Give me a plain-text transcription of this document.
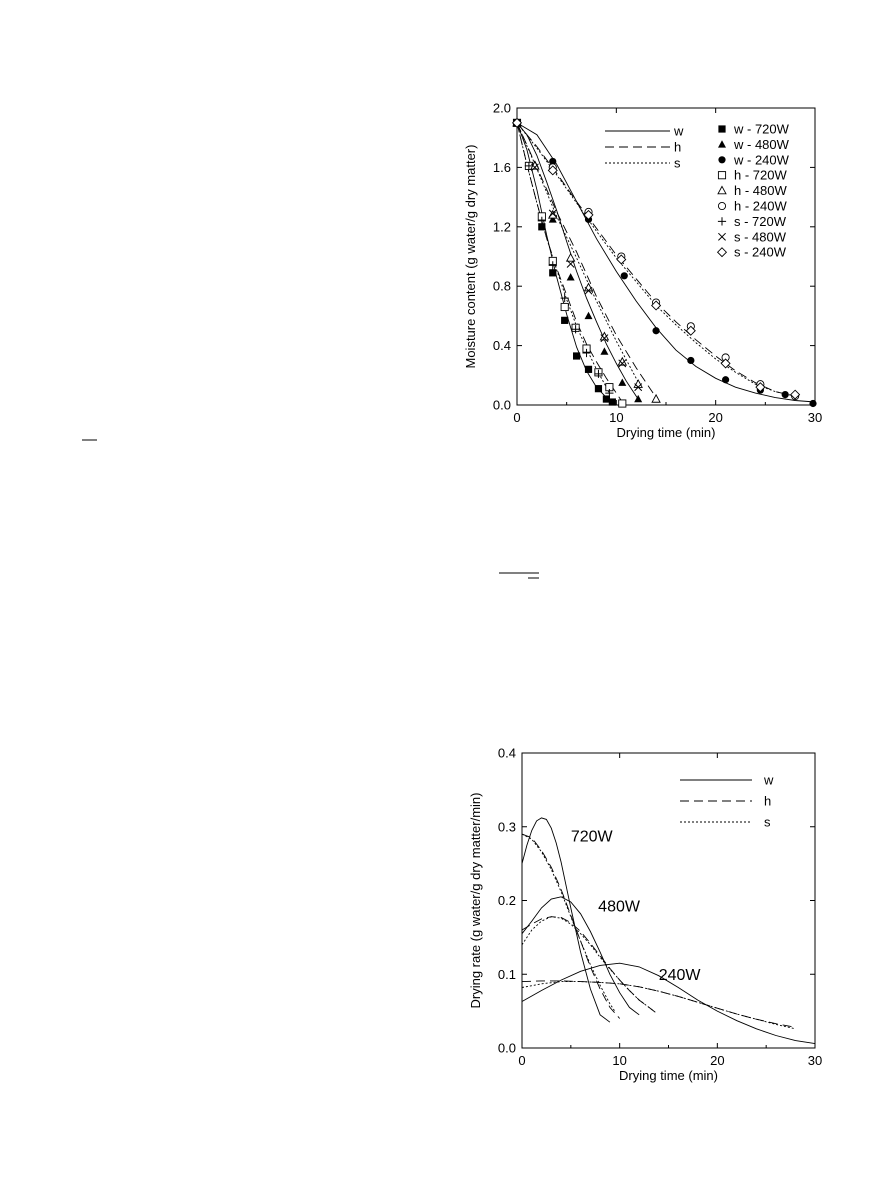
0	10	20	30
0.0
0.4
0.8
1.2
1.6
2.0
Drying time (min)
Moisture content (g water/g dry matter)
w
h
s
w - 720W
w - 480W
w - 240W
h - 720W
h - 480W
h - 240W
s - 720W
s - 480W
s - 240W
0	10	20	30
0.0
0.1
0.2
0.3
0.4
Drying time (min)
Drying rate (g water/g dry matter/min)
w
h
s
720W
480W
240W
